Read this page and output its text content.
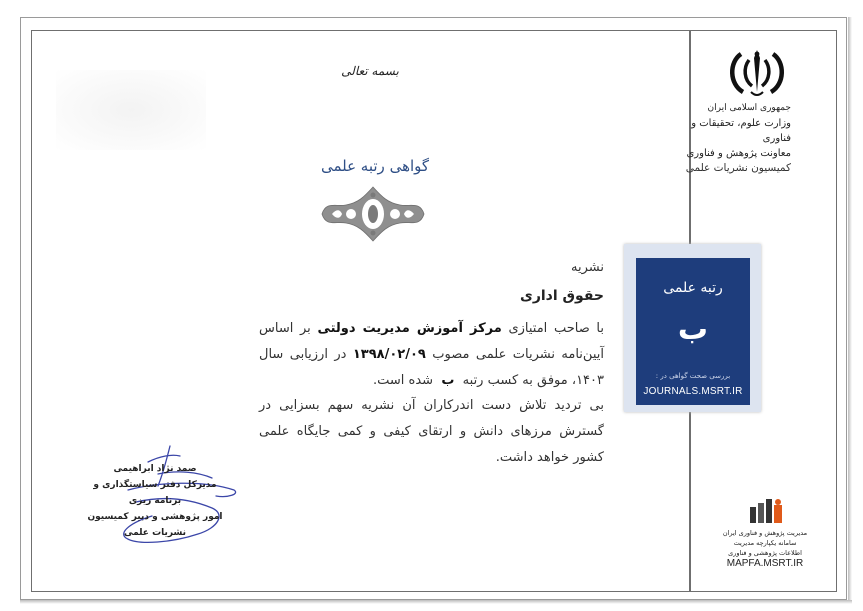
جمهوری اسلامی ایران
وزارت علوم، تحقیقات و فناوری
معاونت پژوهش و فناوری
کمیسیون نشریات علمی
بسمه تعالی
گواهی رتبه علمی
نشریه
حقوق اداری
با صاحب امتیازی مرکز آموزش مدیریت دولتی بر اساس آیین‌نامه نشریات علمی مصوب ۱۳۹۸/۰۲/۰۹ در ارزیابی سال ۱۴۰۳، موفق به کسب رتبه  ب  شده است.
بی تردید تلاش دست اندرکاران آن نشریه سهم بسزایی در گسترش مرزهای دانش و ارتقای کیفی و کمی جایگاه علمی کشور خواهد داشت.
رتبه علمی
ب
بررسی صحت گواهی در :
JOURNALS.MSRT.IR
صمد نژاد ابراهیمی
مدیرکل دفتر سیاستگذاری و برنامه ریزی
امور پژوهشی و دبیر کمیسیون
نشریات علمی	مدیریت پژوهش و فناوری ایران
سامانه یکپارچه مدیریت
اطلاعات پژوهشی و فناوری
MAPFA.MSRT.IR
